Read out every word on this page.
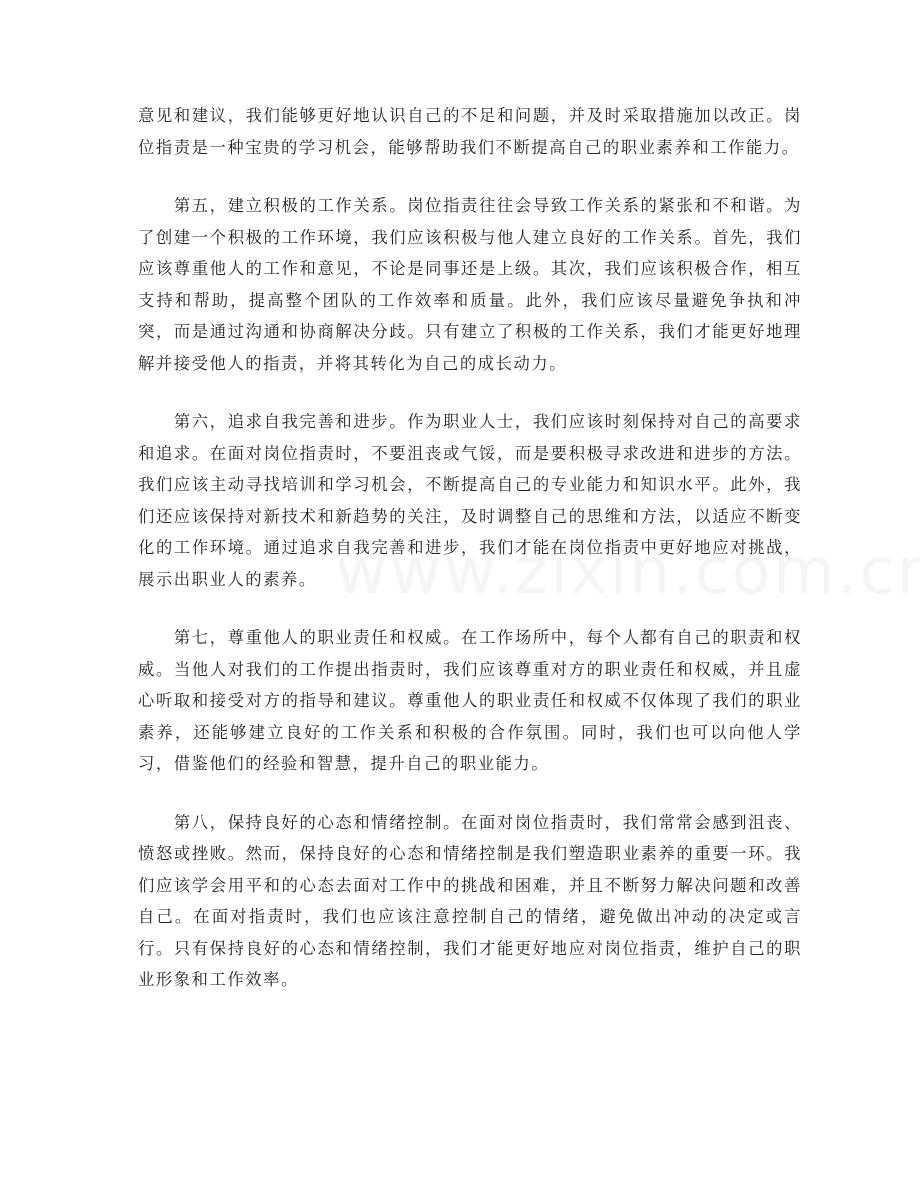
意见和建议，我们能够更好地认识自己的不足和问题，并及时采取措施加以改正。岗位指责是一种宝贵的学习机会，能够帮助我们不断提高自己的职业素养和工作能力。

第五，建立积极的工作关系。岗位指责往往会导致工作关系的紧张和不和谐。为了创建一个积极的工作环境，我们应该积极与他人建立良好的工作关系。首先，我们应该尊重他人的工作和意见，不论是同事还是上级。其次，我们应该积极合作，相互支持和帮助，提高整个团队的工作效率和质量。此外，我们应该尽量避免争执和冲突，而是通过沟通和协商解决分歧。只有建立了积极的工作关系，我们才能更好地理解并接受他人的指责，并将其转化为自己的成长动力。

第六，追求自我完善和进步。作为职业人士，我们应该时刻保持对自己的高要求和追求。在面对岗位指责时，不要沮丧或气馁，而是要积极寻求改进和进步的方法。我们应该主动寻找培训和学习机会，不断提高自己的专业能力和知识水平。此外，我们还应该保持对新技术和新趋势的关注，及时调整自己的思维和方法，以适应不断变化的工作环境。通过追求自我完善和进步，我们才能在岗位指责中更好地应对挑战，展示出职业人的素养。

第七，尊重他人的职业责任和权威。在工作场所中，每个人都有自己的职责和权威。当他人对我们的工作提出指责时，我们应该尊重对方的职业责任和权威，并且虚心听取和接受对方的指导和建议。尊重他人的职业责任和权威不仅体现了我们的职业素养，还能够建立良好的工作关系和积极的合作氛围。同时，我们也可以向他人学习，借鉴他们的经验和智慧，提升自己的职业能力。

第八，保持良好的心态和情绪控制。在面对岗位指责时，我们常常会感到沮丧、愤怒或挫败。然而，保持良好的心态和情绪控制是我们塑造职业素养的重要一环。我们应该学会用平和的心态去面对工作中的挑战和困难，并且不断努力解决问题和改善自己。在面对指责时，我们也应该注意控制自己的情绪，避免做出冲动的决定或言行。只有保持良好的心态和情绪控制，我们才能更好地应对岗位指责，维护自己的职业形象和工作效率。
